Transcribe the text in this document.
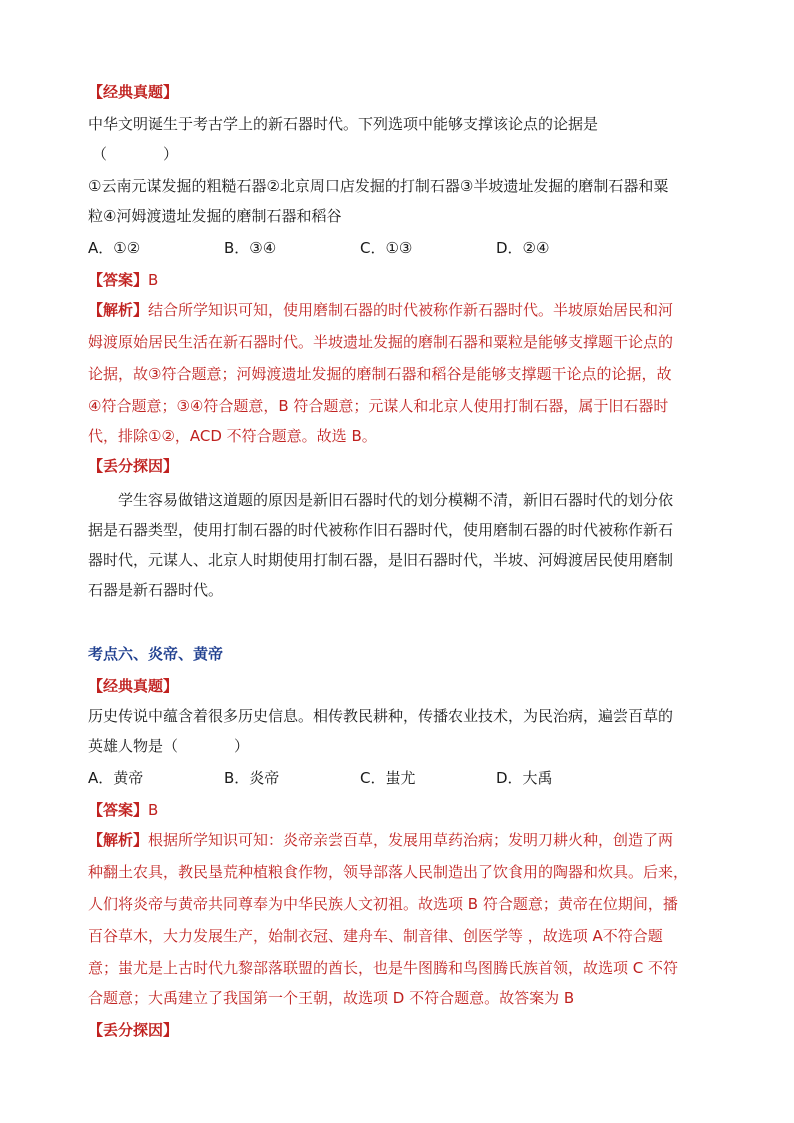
【经典真题】
中华文明诞生于考古学上的新石器时代。下列选项中能够支撑该论点的论据是
（	）
①云南元谋发掘的粗糙石器②北京周口店发掘的打制石器③半坡遗址发掘的磨制石器和粟
粒④河姆渡遗址发掘的磨制石器和稻谷
A．①②	B．③④	C．①③	D．②④
【答案】B
【解析】结合所学知识可知，使用磨制石器的时代被称作新石器时代。半坡原始居民和河
姆渡原始居民生活在新石器时代。半坡遗址发掘的磨制石器和粟粒是能够支撑题干论点的
论据，故③符合题意；河姆渡遗址发掘的磨制石器和稻谷是能够支撑题干论点的论据，故
④符合题意；③④符合题意，B 符合题意；元谋人和北京人使用打制石器，属于旧石器时
代，排除①②，ACD 不符合题意。故选 B。
【丢分探因】
学生容易做错这道题的原因是新旧石器时代的划分模糊不清，新旧石器时代的划分依
据是石器类型，使用打制石器的时代被称作旧石器时代，使用磨制石器的时代被称作新石
器时代，元谋人、北京人时期使用打制石器，是旧石器时代，半坡、河姆渡居民使用磨制
石器是新石器时代。
考点六、炎帝、黄帝
【经典真题】
历史传说中蕴含着很多历史信息。相传教民耕种，传播农业技术，为民治病，遍尝百草的
英雄人物是（	）
A．黄帝	B．炎帝	C．蚩尤	D．大禹
【答案】B
【解析】根据所学知识可知：炎帝亲尝百草，发展用草药治病；发明刀耕火种，创造了两
种翻土农具，教民垦荒种植粮食作物，领导部落人民制造出了饮食用的陶器和炊具。后来，
人们将炎帝与黄帝共同尊奉为中华民族人文初祖。故选项 B 符合题意；黄帝在位期间，播
百谷草木，大力发展生产，始制衣冠、建舟车、制音律、创医学等 ，故选项 A不符合题
意；蚩尤是上古时代九黎部落联盟的酋长，也是牛图腾和鸟图腾氏族首领，故选项 C 不符
合题意；大禹建立了我国第一个王朝，故选项 D 不符合题意。故答案为 B
【丢分探因】
